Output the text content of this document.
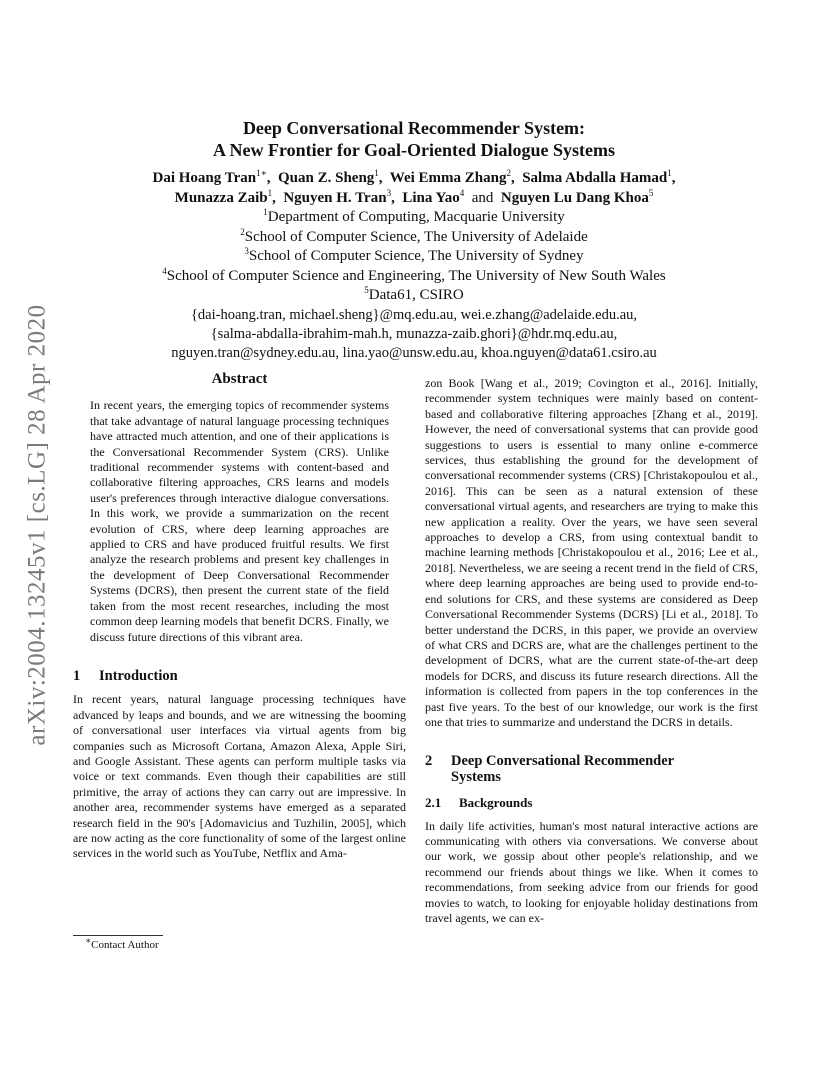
arXiv:2004.13245v1 [cs.LG] 28 Apr 2020
Deep Conversational Recommender System:
A New Frontier for Goal-Oriented Dialogue Systems
Dai Hoang Tran$^{1∗}$,  Quan Z. Sheng$^1$,  Wei Emma Zhang$^2$,  Salma Abdalla Hamad$^1$,
Munazza Zaib$^1$,  Nguyen H. Tran$^3$,  Lina Yao$^4$ and Nguyen Lu Dang Khoa$^5$
$^1$Department of Computing, Macquarie University
$^2$School of Computer Science, The University of Adelaide
$^3$School of Computer Science, The University of Sydney
$^4$School of Computer Science and Engineering, The University of New South Wales
$^5$Data61, CSIRO
{dai-hoang.tran, michael.sheng}@mq.edu.au, wei.e.zhang@adelaide.edu.au,
{salma-abdalla-ibrahim-mah.h, munazza-zaib.ghori}@hdr.mq.edu.au,
nguyen.tran@sydney.edu.au, lina.yao@unsw.edu.au, khoa.nguyen@data61.csiro.au
Abstract

In recent years, the emerging topics of recommender systems that take advantage of natural language processing techniques have attracted much attention, and one of their applications is the Conversational Recommender System (CRS). Unlike traditional recommender systems with content-based and collaborative filtering approaches, CRS learns and models user's preferences through interactive dialogue conversations. In this work, we provide a summarization on the recent evolution of CRS, where deep learning approaches are applied to CRS and have produced fruitful results. We first analyze the research problems and present key challenges in the development of Deep Conversational Recommender Systems (DCRS), then present the current state of the field taken from the most recent researches, including the most common deep learning models that benefit DCRS. Finally, we discuss future directions of this vibrant area.

1	Introduction

In recent years, natural language processing techniques have advanced by leaps and bounds, and we are witnessing the booming of conversational user interfaces via virtual agents from big companies such as Microsoft Cortana, Amazon Alexa, Apple Siri, and Google Assistant. These agents can perform multiple tasks via voice or text commands. Even though their capabilities are still primitive, the array of actions they can carry out are impressive. In another area, recommender systems have emerged as a separated research field in the 90's [Adomavicius and Tuzhilin, 2005], which are now acting as the core functionality of some of the largest online services in the world such as YouTube, Netflix and Ama-

zon Book [Wang et al., 2019; Covington et al., 2016]. Initially, recommender system techniques were mainly based on content-based and collaborative filtering approaches [Zhang et al., 2019]. However, the need of conversational systems that can provide good suggestions to users is essential to many online e-commerce services, thus establishing the ground for the development of conversational recommender systems (CRS) [Christakopoulou et al., 2016]. This can be seen as a natural extension of these conversational virtual agents, and researchers are trying to make this new application a reality. Over the years, we have seen several approaches to develop a CRS, from using contextual bandit to machine learning methods [Christakopoulou et al., 2016; Lee et al., 2018]. Nevertheless, we are seeing a recent trend in the field of CRS, where deep learning approaches are being used to provide end-to-end solutions for CRS, and these systems are considered as Deep Conversational Recommender Systems (DCRS) [Li et al., 2018]. To better understand the DCRS, in this paper, we provide an overview of what CRS and DCRS are, what are the challenges pertinent to the development of DCRS, what are the current state-of-the-art deep models for DCRS, and discuss its future research directions. All the information is collected from papers in the top conferences in the past five years. To the best of our knowledge, our work is the first one that tries to summarize and understand the DCRS in details.

2	Deep Conversational Recommender
Systems
2.1	Backgrounds

In daily life activities, human's most natural interactive actions are communicating with others via conversations. We converse about our work, we gossip about other people's relationship, and we recommend our friends about things we like. When it comes to recommendations, from seeking advice from our friends for good movies to watch, to looking for enjoyable holiday destinations from travel agents, we can ex-

∗Contact Author
